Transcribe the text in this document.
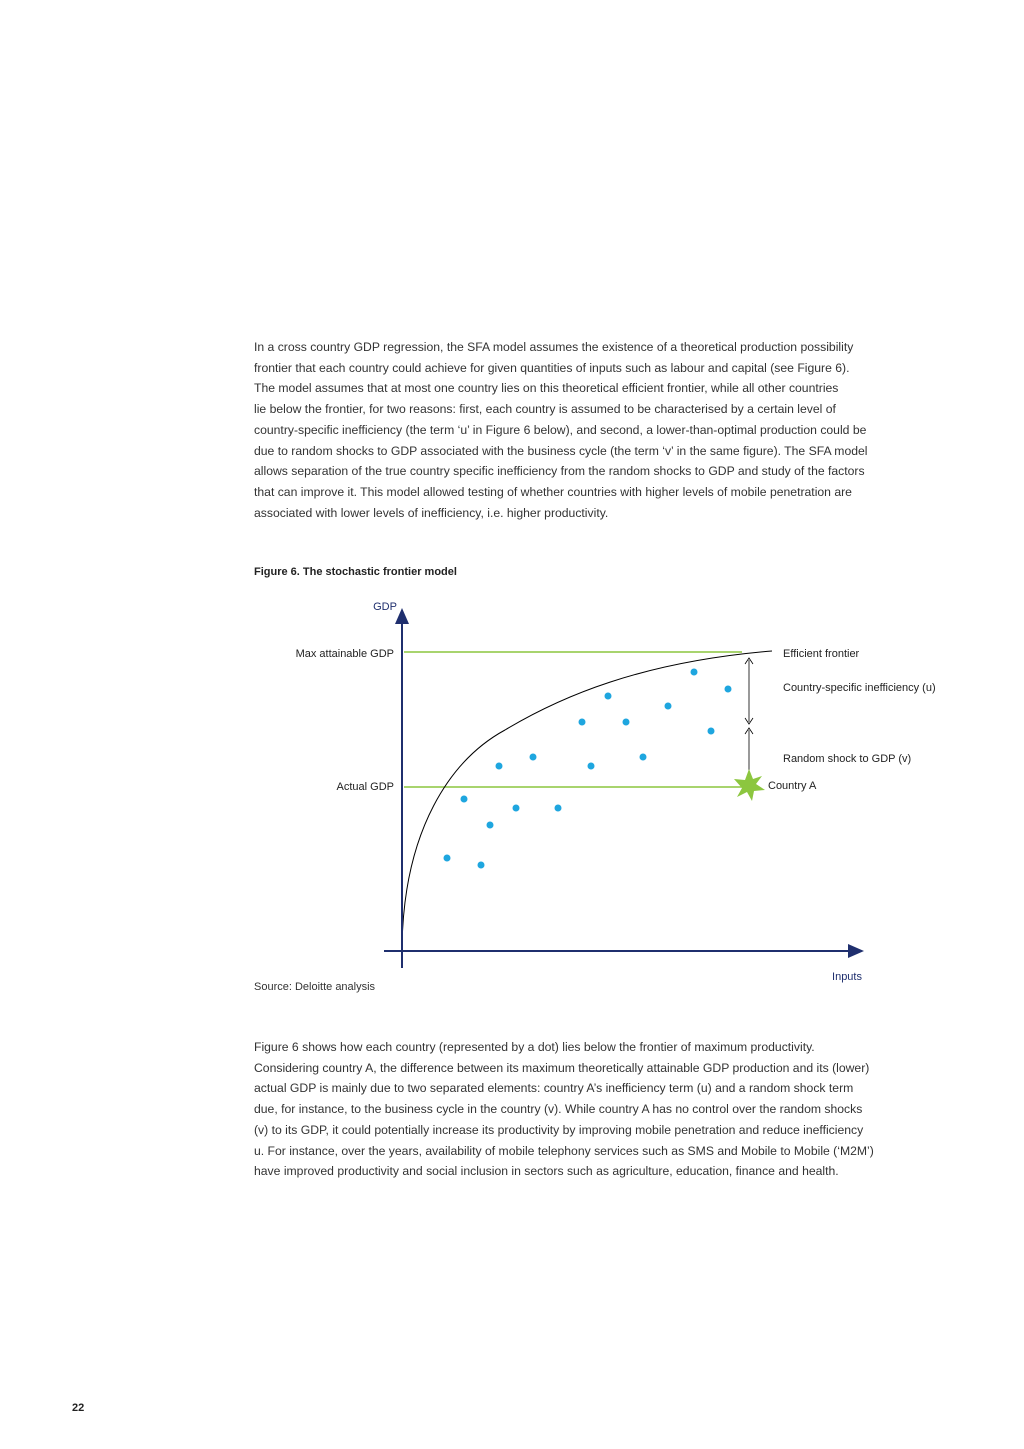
In a cross country GDP regression, the SFA model assumes the existence of a theoretical production possibility
frontier that each country could achieve for given quantities of inputs such as labour and capital (see Figure 6).
The model assumes that at most one country lies on this theoretical efficient frontier, while all other countries
lie below the frontier, for two reasons: first, each country is assumed to be characterised by a certain level of
country-specific inefficiency (the term ‘u’ in Figure 6 below), and second, a lower-than-optimal production could be
due to random shocks to GDP associated with the business cycle (the term ‘v’ in the same figure). The SFA model
allows separation of the true country specific inefficiency from the random shocks to GDP and study of the factors
that can improve it. This model allowed testing of whether countries with higher levels of mobile penetration are
associated with lower levels of inefficiency, i.e. higher productivity.

Figure 6. The stochastic frontier model

GDP
Inputs
Max attainable GDP
Actual GDP
Efficient frontier
Country-specific inefficiency (u)
Random shock to GDP (v)
Country A
Source: Deloitte analysis
Figure 6 shows how each country (represented by a dot) lies below the frontier of maximum productivity.
Considering country A, the difference between its maximum theoretically attainable GDP production and its (lower)
actual GDP is mainly due to two separated elements: country A’s inefficiency term (u) and a random shock term
due, for instance, to the business cycle in the country (v). While country A has no control over the random shocks
(v) to its GDP, it could potentially increase its productivity by improving mobile penetration and reduce inefficiency
u. For instance, over the years, availability of mobile telephony services such as SMS and Mobile to Mobile (‘M2M’)
have improved productivity and social inclusion in sectors such as agriculture, education, finance and health.
22
